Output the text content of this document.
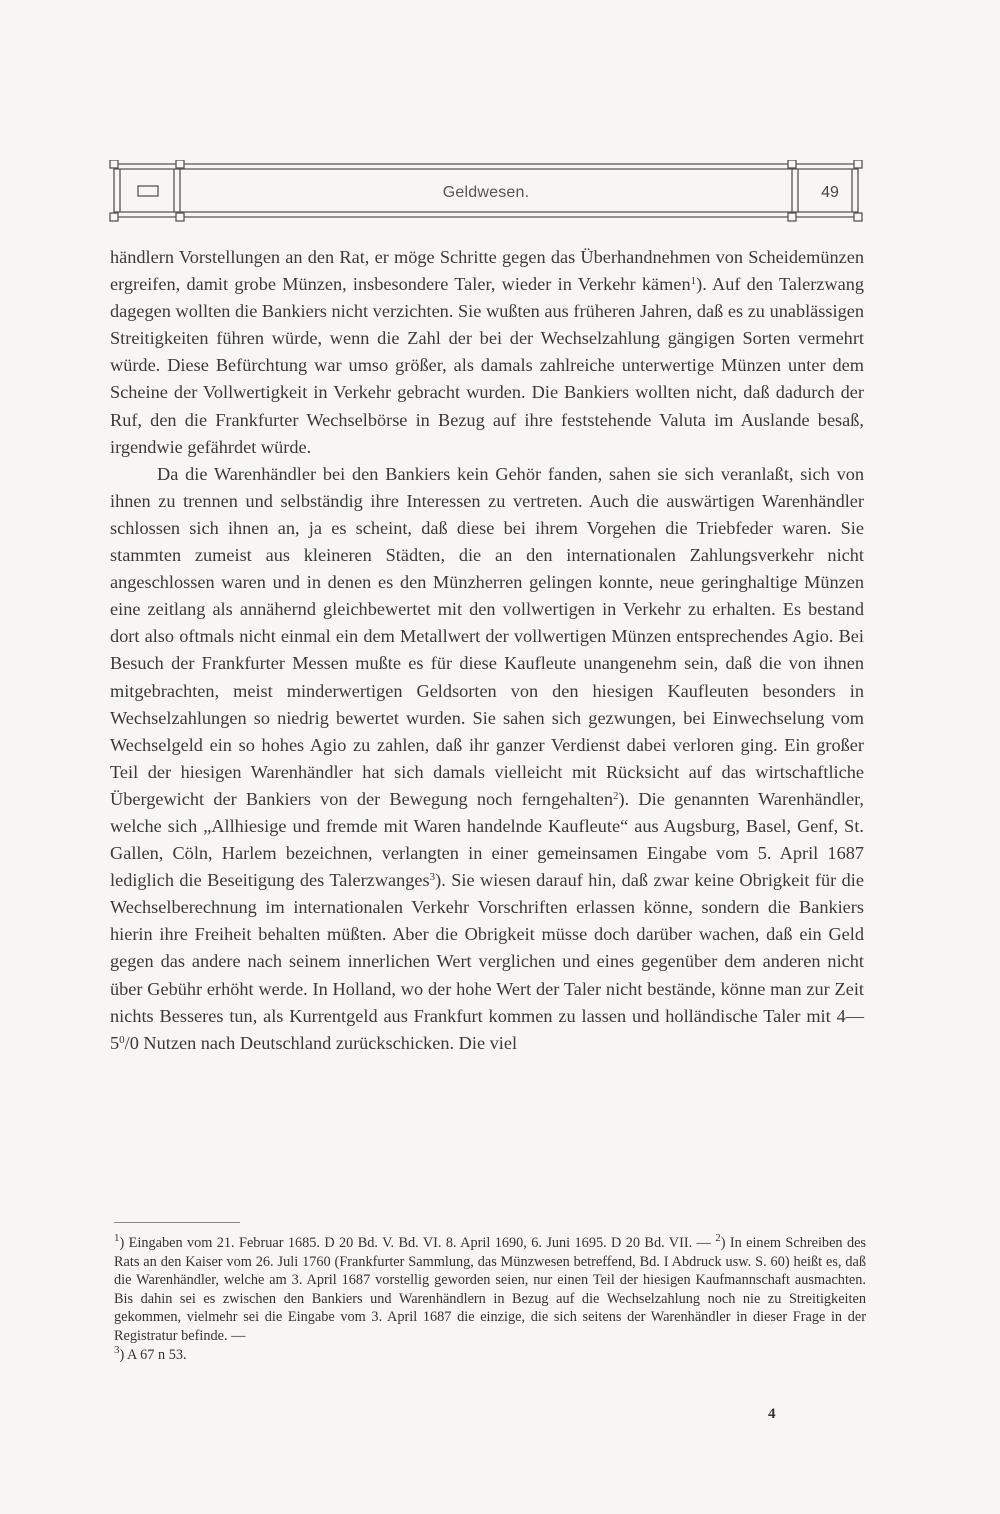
Geldwesen.	49

händlern Vorstellungen an den Rat, er möge Schritte gegen das Überhandnehmen von Scheidemünzen ergreifen, damit grobe Münzen, insbesondere Taler, wieder in Verkehr kämen$^1$). Auf den Talerzwang dagegen wollten die Bankiers nicht verzichten. Sie wußten aus früheren Jahren, daß es zu unablässigen Streitigkeiten führen würde, wenn die Zahl der bei der Wechselzahlung gängigen Sorten vermehrt würde. Diese Befürchtung war umso größer, als damals zahlreiche unterwertige Münzen unter dem Scheine der Vollwertigkeit in Verkehr gebracht wurden. Die Bankiers wollten nicht, daß dadurch der Ruf, den die Frankfurter Wechselbörse in Bezug auf ihre feststehende Valuta im Auslande besaß, irgendwie gefährdet würde.

Da die Warenhändler bei den Bankiers kein Gehör fanden, sahen sie sich veranlaßt, sich von ihnen zu trennen und selbständig ihre Interessen zu vertreten. Auch die auswärtigen Warenhändler schlossen sich ihnen an, ja es scheint, daß diese bei ihrem Vorgehen die Triebfeder waren. Sie stammten zumeist aus kleineren Städten, die an den internationalen Zahlungsverkehr nicht angeschlossen waren und in denen es den Münzherren gelingen konnte, neue geringhaltige Münzen eine zeitlang als annähernd gleichbewertet mit den vollwertigen in Verkehr zu erhalten. Es bestand dort also oftmals nicht einmal ein dem Metallwert der vollwertigen Münzen entsprechendes Agio. Bei Besuch der Frankfurter Messen mußte es für diese Kaufleute unangenehm sein, daß die von ihnen mitgebrachten, meist minderwertigen Geldsorten von den hiesigen Kaufleuten besonders in Wechselzahlungen so niedrig bewertet wurden. Sie sahen sich gezwungen, bei Einwechselung vom Wechselgeld ein so hohes Agio zu zahlen, daß ihr ganzer Verdienst dabei verloren ging. Ein großer Teil der hiesigen Warenhändler hat sich damals vielleicht mit Rücksicht auf das wirtschaftliche Übergewicht der Bankiers von der Bewegung noch ferngehalten$^2$). Die genannten Warenhändler, welche sich „Allhiesige und fremde mit Waren handelnde Kaufleute“ aus Augsburg, Basel, Genf, St. Gallen, Cöln, Harlem bezeichnen, verlangten in einer gemeinsamen Eingabe vom 5. April 1687 lediglich die Beseitigung des Talerzwanges$^3$). Sie wiesen darauf hin, daß zwar keine Obrigkeit für die Wechselberechnung im internationalen Verkehr Vorschriften erlassen könne, sondern die Bankiers hierin ihre Freiheit behalten müßten. Aber die Obrigkeit müsse doch darüber wachen, daß ein Geld gegen das andere nach seinem innerlichen Wert verglichen und eines gegenüber dem anderen nicht über Gebühr erhöht werde. In Holland, wo der hohe Wert der Taler nicht bestände, könne man zur Zeit nichts Besseres tun, als Kurrentgeld aus Frankfurt kommen zu lassen und holländische Taler mit $4—5^0/0$ Nutzen nach Deutschland zurückschicken. Die viel

$^1$) Eingaben vom 21. Februar 1685. D 20 Bd. V. Bd. VI. 8. April 1690, 6. Juni 1695. D 20 Bd. VII. — $^2$) In einem Schreiben des Rats an den Kaiser vom 26. Juli 1760 (Frankfurter Sammlung, das Münzwesen betreffend, Bd. I Abdruck usw. S. 60) heißt es, daß die Warenhändler, welche am 3. April 1687 vorstellig geworden seien, nur einen Teil der hiesigen Kaufmannschaft ausmachten. Bis dahin sei es zwischen den Bankiers und Warenhändlern in Bezug auf die Wechselzahlung noch nie zu Streitigkeiten gekommen, vielmehr sei die Eingabe vom 3. April 1687 die einzige, die sich seitens der Warenhändler in dieser Frage in der Registratur befinde. —

$^3$) A 67 n 53.

4
